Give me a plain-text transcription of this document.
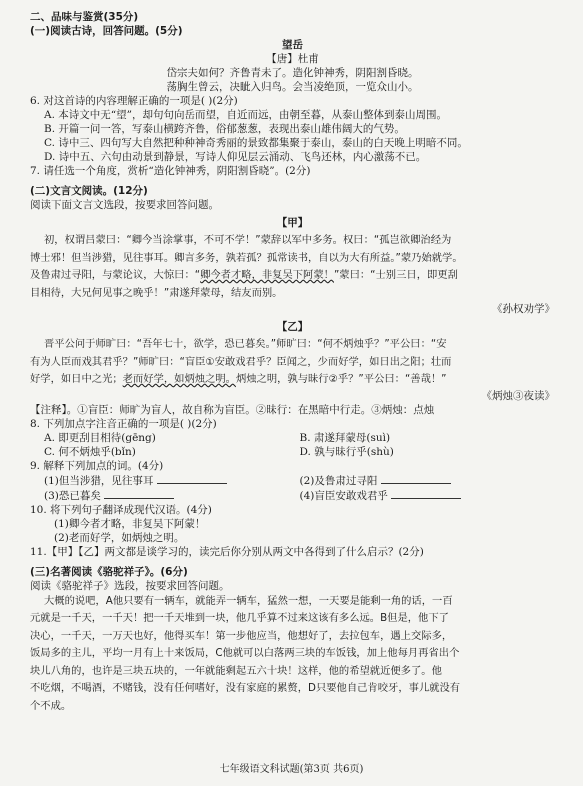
二、品味与鉴赏(35分)
(一)阅读古诗，回答问题。(5分)
望岳
【唐】杜甫
岱宗夫如何？齐鲁青未了。造化钟神秀，阴阳割昏晓。
荡胸生曾云，决眦入归鸟。会当凌绝顶，一览众山小。
6. 对这首诗的内容理解正确的一项是( )(2分)
A. 本诗文中无“望”，却句句向岳而望，自近而远，由朝至暮，从泰山整体到泰山周围。
B. 开篇一问一答，写泰山横跨齐鲁，俗郁葱葱，表现出泰山雄伟阔大的气势。
C. 诗中三、四句写大自然把种种神奇秀丽的景致都集聚于泰山，泰山的白天晚上明暗不同。
D. 诗中五、六句由动景到静景，写诗人仰见层云涌动、飞鸟还林，内心激荡不已。
7. 请任选一个角度，赏析“造化钟神秀，阴阳割昏晓”。(2分)
(二)文言文阅读。(12分)
阅读下面文言文选段，按要求回答问题。
【甲】
初，权谓吕蒙曰：“卿今当涂掌事，不可不学！”蒙辞以军中多务。权曰：“孤岂欲卿治经为
博士邪！但当涉猎，见往事耳。卿言多务，孰若孤？孤常读书，自以为大有所益。”蒙乃始就学。
及鲁肃过寻阳，与蒙论议，大惊曰：“卿今者才略，非复吴下阿蒙！”蒙曰：“士别三日，即更刮
目相待，大兄何见事之晚乎！”肃遂拜蒙母，结友而别。
《孙权劝学》
【乙】
晋平公问于师旷曰：“吾年七十，欲学，恐已暮矣。”师旷曰：“何不炳烛乎？”平公曰：“安
有为人臣而戏其君乎？”师旷曰：“盲臣①安敢戏君乎？臣闻之，少而好学，如日出之阳；壮而
好学，如日中之光；老而好学，如炳烛之明。炳烛之明，孰与昧行②乎？”平公曰：“善哉！”
《炳烛③夜读》
【注释】。①盲臣：师旷为盲人，故自称为盲臣。②昧行：在黑暗中行走。③炳烛：点烛
8. 下列加点字注音正确的一项是( )(2分)
A. 即更刮目相待(gēng)	B. 肃遂拜蒙母(suì)
C. 何不炳烛乎(bǐn)	D. 孰与昧行乎(shù)
9. 解释下列加点的词。(4分)
(1)但当涉猎，见往事耳	(2)及鲁肃过寻阳
(3)恐已暮矣	(4)盲臣安敢戏君乎
10. 将下列句子翻译成现代汉语。(4分)
(1)卿今者才略，非复吴下阿蒙！
(2)老而好学，如炳烛之明。
11.【甲】【乙】两文都是谈学习的，读完后你分别从两文中各得到了什么启示？(2分)
(三)名著阅读《骆驼祥子》。(6分)
阅读《骆驼祥子》选段，按要求回答问题。
大概的说吧，A他只要有一辆车，就能弄一辆车，猛然一想，一天要是能剩一角的话，一百
元就是一千天，一千天！把一千天堆到一块，他几乎算不过来这该有多么远。B但是，他下了
决心，一千天，一万天也好，他得买车！第一步他应当，他想好了，去拉包车，遇上交际多，
饭局多的主儿，平均一月有上十来饭局，C他就可以白落两三块的车饭钱，加上他每月再省出个
块儿八角的，也许是三块五块的，一年就能剩起五六十块！这样，他的希望就近便多了。他
不吃烟，不喝酒，不赌钱，没有任何嗜好，没有家庭的累赘，D只要他自己肯咬牙，事儿就没有
个不成。
七年级语文科试题(第3页 共6页)
